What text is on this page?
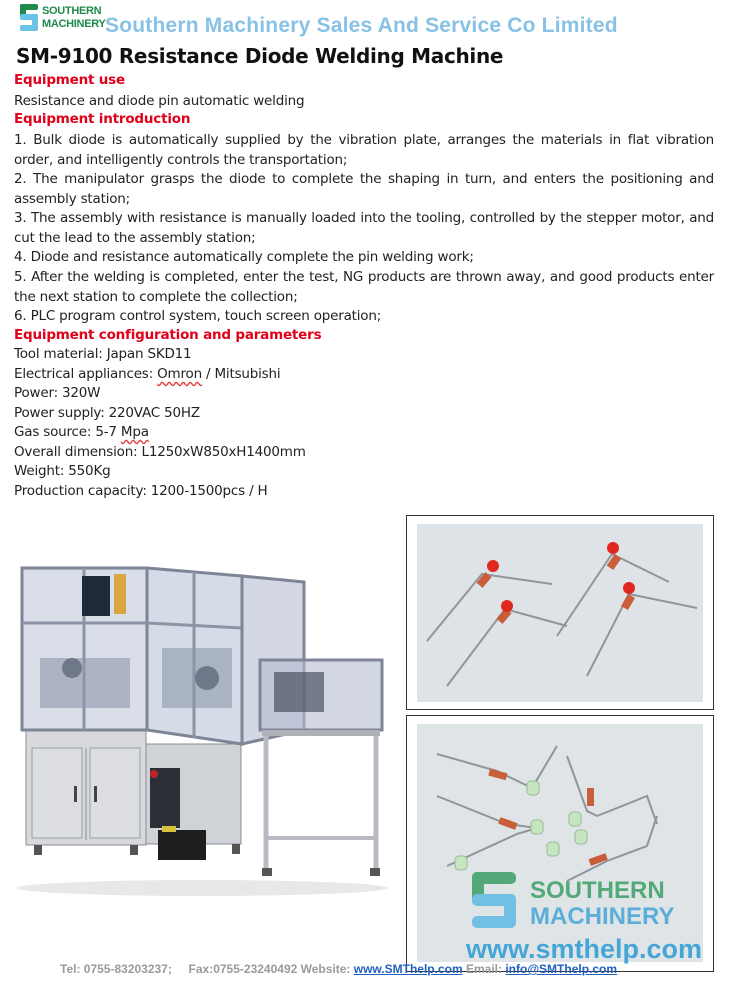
SOUTHERN
MACHINERY Southern Machinery Sales And Service Co Limited
SM-9100 Resistance Diode Welding Machine
Equipment use
Resistance and diode pin automatic welding
Equipment introduction
1. Bulk diode is automatically supplied by the vibration plate, arranges the materials in flat vibration order, and intelligently controls the transportation;
2. The manipulator grasps the diode to complete the shaping in turn, and enters the positioning and assembly station;
3. The assembly with resistance is manually loaded into the tooling, controlled by the stepper motor, and cut the lead to the assembly station;
4. Diode and resistance automatically complete the pin welding work;
5. After the welding is completed, enter the test, NG products are thrown away, and good products enter the next station to complete the collection;
6. PLC program control system, touch screen operation;
Equipment configuration and parameters
Tool material: Japan SKD11
Electrical appliances: Omron / Mitsubishi
Power: 320W
Power supply: 220VAC 50HZ
Gas source: 5-7 Mpa
Overall dimension: L1250xW850xH1400mm
Weight: 550Kg
Production capacity: 1200-1500pcs / H
SOUTHERN
MACHINERY
www.smthelp.com
Tel: 0755-83203237; Fax:0755-23240492 Website: www.SMThelp.com Email: info@SMThelp.com
